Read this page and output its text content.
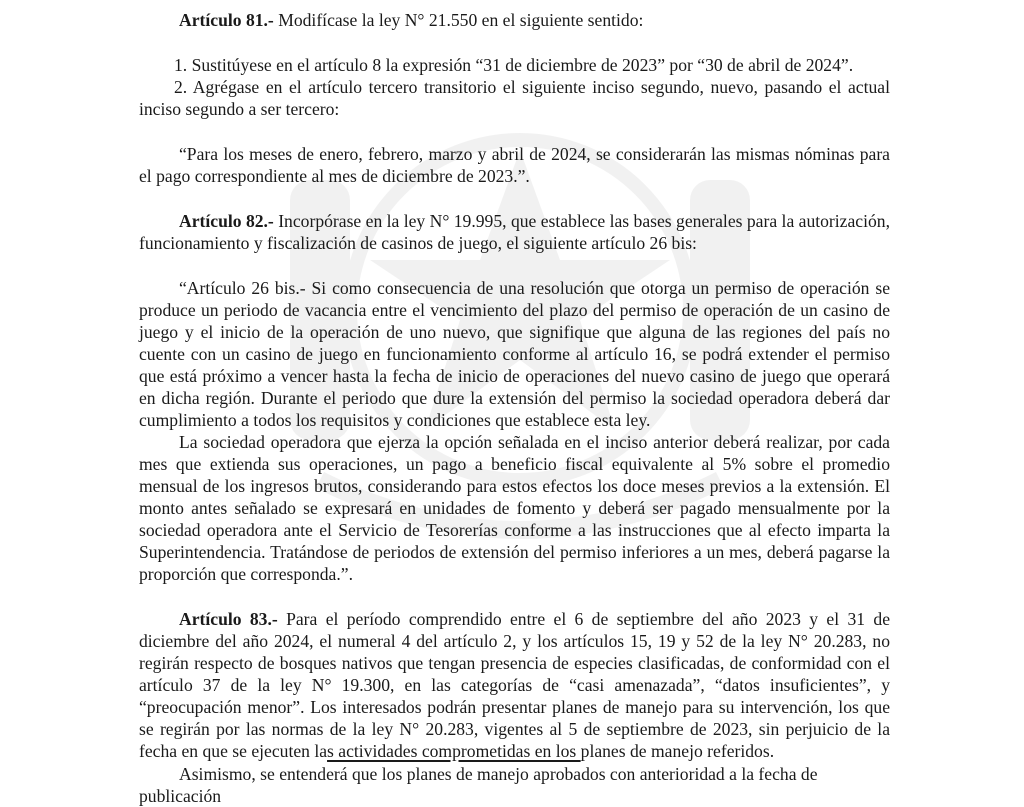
Artículo 81.- Modifícase la ley N° 21.550 en el siguiente sentido:

1. Sustitúyese en el artículo 8 la expresión “31 de diciembre de 2023” por “30 de abril de 2024”.

2. Agrégase en el artículo tercero transitorio el siguiente inciso segundo, nuevo, pasando el actual inciso segundo a ser tercero:

“Para los meses de enero, febrero, marzo y abril de 2024, se considerarán las mismas nóminas para el pago correspondiente al mes de diciembre de 2023.”.

Artículo 82.- Incorpórase en la ley N° 19.995, que establece las bases generales para la autorización, funcionamiento y fiscalización de casinos de juego, el siguiente artículo 26 bis:

“Artículo 26 bis.- Si como consecuencia de una resolución que otorga un permiso de operación se produce un periodo de vacancia entre el vencimiento del plazo del permiso de operación de un casino de juego y el inicio de la operación de uno nuevo, que signifique que alguna de las regiones del país no cuente con un casino de juego en funcionamiento conforme al artículo 16, se podrá extender el permiso que está próximo a vencer hasta la fecha de inicio de operaciones del nuevo casino de juego que operará en dicha región. Durante el periodo que dure la extensión del permiso la sociedad operadora deberá dar cumplimiento a todos los requisitos y condiciones que establece esta ley.

La sociedad operadora que ejerza la opción señalada en el inciso anterior deberá realizar, por cada mes que extienda sus operaciones, un pago a beneficio fiscal equivalente al 5% sobre el promedio mensual de los ingresos brutos, considerando para estos efectos los doce meses previos a la extensión. El monto antes señalado se expresará en unidades de fomento y deberá ser pagado mensualmente por la sociedad operadora ante el Servicio de Tesorerías conforme a las instrucciones que al efecto imparta la Superintendencia. Tratándose de periodos de extensión del permiso inferiores a un mes, deberá pagarse la proporción que corresponda.”.

Artículo 83.- Para el período comprendido entre el 6 de septiembre del año 2023 y el 31 de diciembre del año 2024, el numeral 4 del artículo 2, y los artículos 15, 19 y 52 de la ley N° 20.283, no regirán respecto de bosques nativos que tengan presencia de especies clasificadas, de conformidad con el artículo 37 de la ley N° 19.300, en las categorías de “casi amenazada”, “datos insuficientes”, y “preocupación menor”. Los interesados podrán presentar planes de manejo para su intervención, los que se regirán por las normas de la ley N° 20.283, vigentes al 5 de septiembre de 2023, sin perjuicio de la fecha en que se ejecuten las actividades comprometidas en los planes de manejo referidos.

Asimismo, se entenderá que los planes de manejo aprobados con anterioridad a la fecha de publicación
